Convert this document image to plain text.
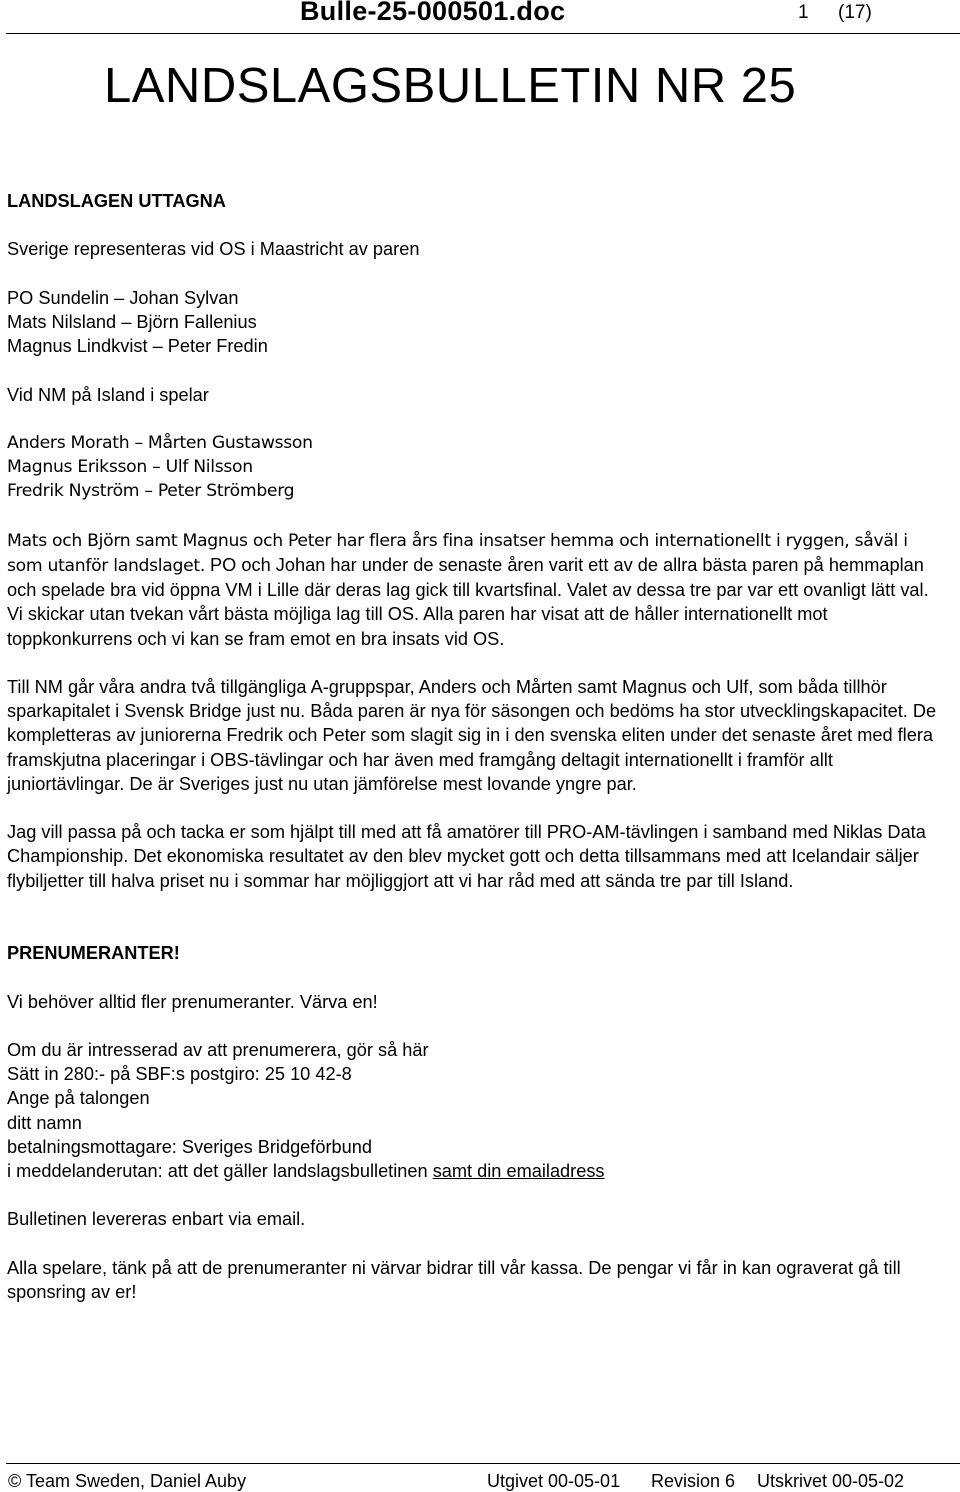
Bulle-25-000501.doc	1 (17)
LANDSLAGSBULLETIN NR 25
LANDSLAGEN UTTAGNA

Sverige representeras vid OS i Maastricht av paren

PO Sundelin – Johan Sylvan
Mats Nilsland – Björn Fallenius
Magnus Lindkvist – Peter Fredin

Vid NM på Island i spelar

Anders Morath – Mårten Gustawsson
Magnus Eriksson – Ulf Nilsson
Fredrik Nyström – Peter Strömberg

Mats och Björn samt Magnus och Peter har flera års fina insatser hemma och internationellt i ryggen, såväl i som utanför landslaget. PO och Johan har under de senaste åren varit ett av de allra bästa paren på hemmaplan och spelade bra vid öppna VM i Lille där deras lag gick till kvartsfinal. Valet av dessa tre par var ett ovanligt lätt val. Vi skickar utan tvekan vårt bästa möjliga lag till OS. Alla paren har visat att de håller internationellt mot toppkonkurrens och vi kan se fram emot en bra insats vid OS.

Till NM går våra andra två tillgängliga A-gruppspar, Anders och Mårten samt Magnus och Ulf, som båda tillhör sparkapitalet i Svensk Bridge just nu. Båda paren är nya för säsongen och bedöms ha stor utvecklingskapacitet. De kompletteras av juniorerna Fredrik och Peter som slagit sig in i den svenska eliten under det senaste året med flera framskjutna placeringar i OBS-tävlingar och har även med framgång deltagit internationellt i framför allt juniortävlingar. De är Sveriges just nu utan jämförelse mest lovande yngre par.

Jag vill passa på och tacka er som hjälpt till med att få amatörer till PRO-AM-tävlingen i samband med Niklas Data Championship. Det ekonomiska resultatet av den blev mycket gott och detta tillsammans med att Icelandair säljer flybiljetter till halva priset nu i sommar har möjliggjort att vi har råd med att sända tre par till Island.

PRENUMERANTER!

Vi behöver alltid fler prenumeranter. Värva en!

Om du är intresserad av att prenumerera, gör så här
Sätt in 280:- på SBF:s postgiro: 25 10 42-8
Ange på talongen
ditt namn
betalningsmottagare: Sveriges Bridgeförbund
i meddelanderutan: att det gäller landslagsbulletinen samt din emailadress

Bulletinen levereras enbart via email.

Alla spelare, tänk på att de prenumeranter ni värvar bidrar till vår kassa. De pengar vi får in kan ograverat gå till sponsring av er!

© Team Sweden, Daniel Auby	Utgivet 00-05-01 Revision 6 Utskrivet 00-05-02
